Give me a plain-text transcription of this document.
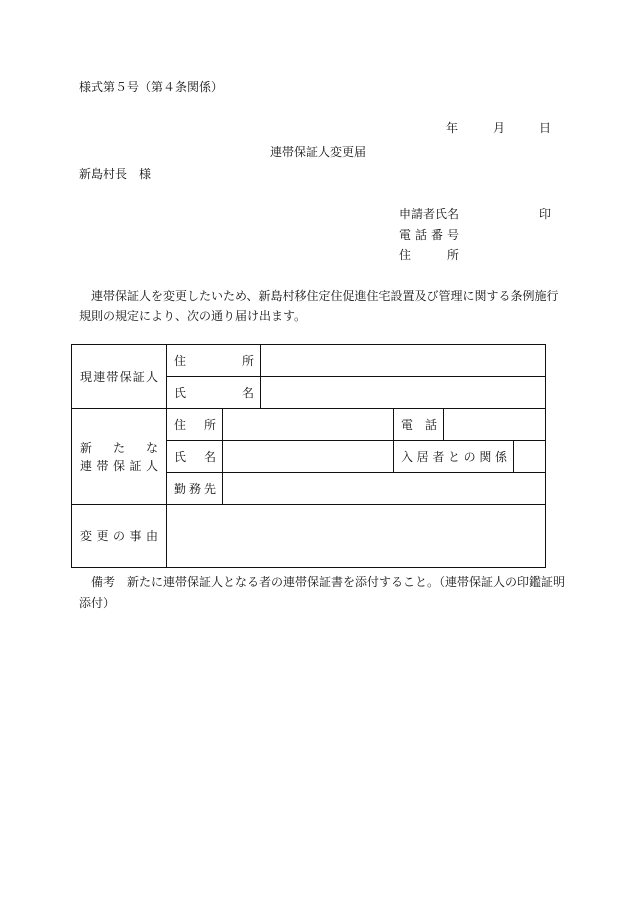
様式第５号（第４条関係）
年	月	日
連帯保証人変更届
新島村長　様
申請者氏名	印
電話番号
住所
連帯保証人を変更したいため、新島村移住定住促進住宅設置及び管理に関する条例施行
規則の規定により、次の通り届け出ます。
現連帯保証人	住所					

	氏名					

新たな
連帯保証人	住所			電話		

	氏名			入居者との関係		

	勤務先					

変更の事由						

備考　新たに連帯保証人となる者の連帯保証書を添付すること。（連帯保証人の印鑑証明
添付）
